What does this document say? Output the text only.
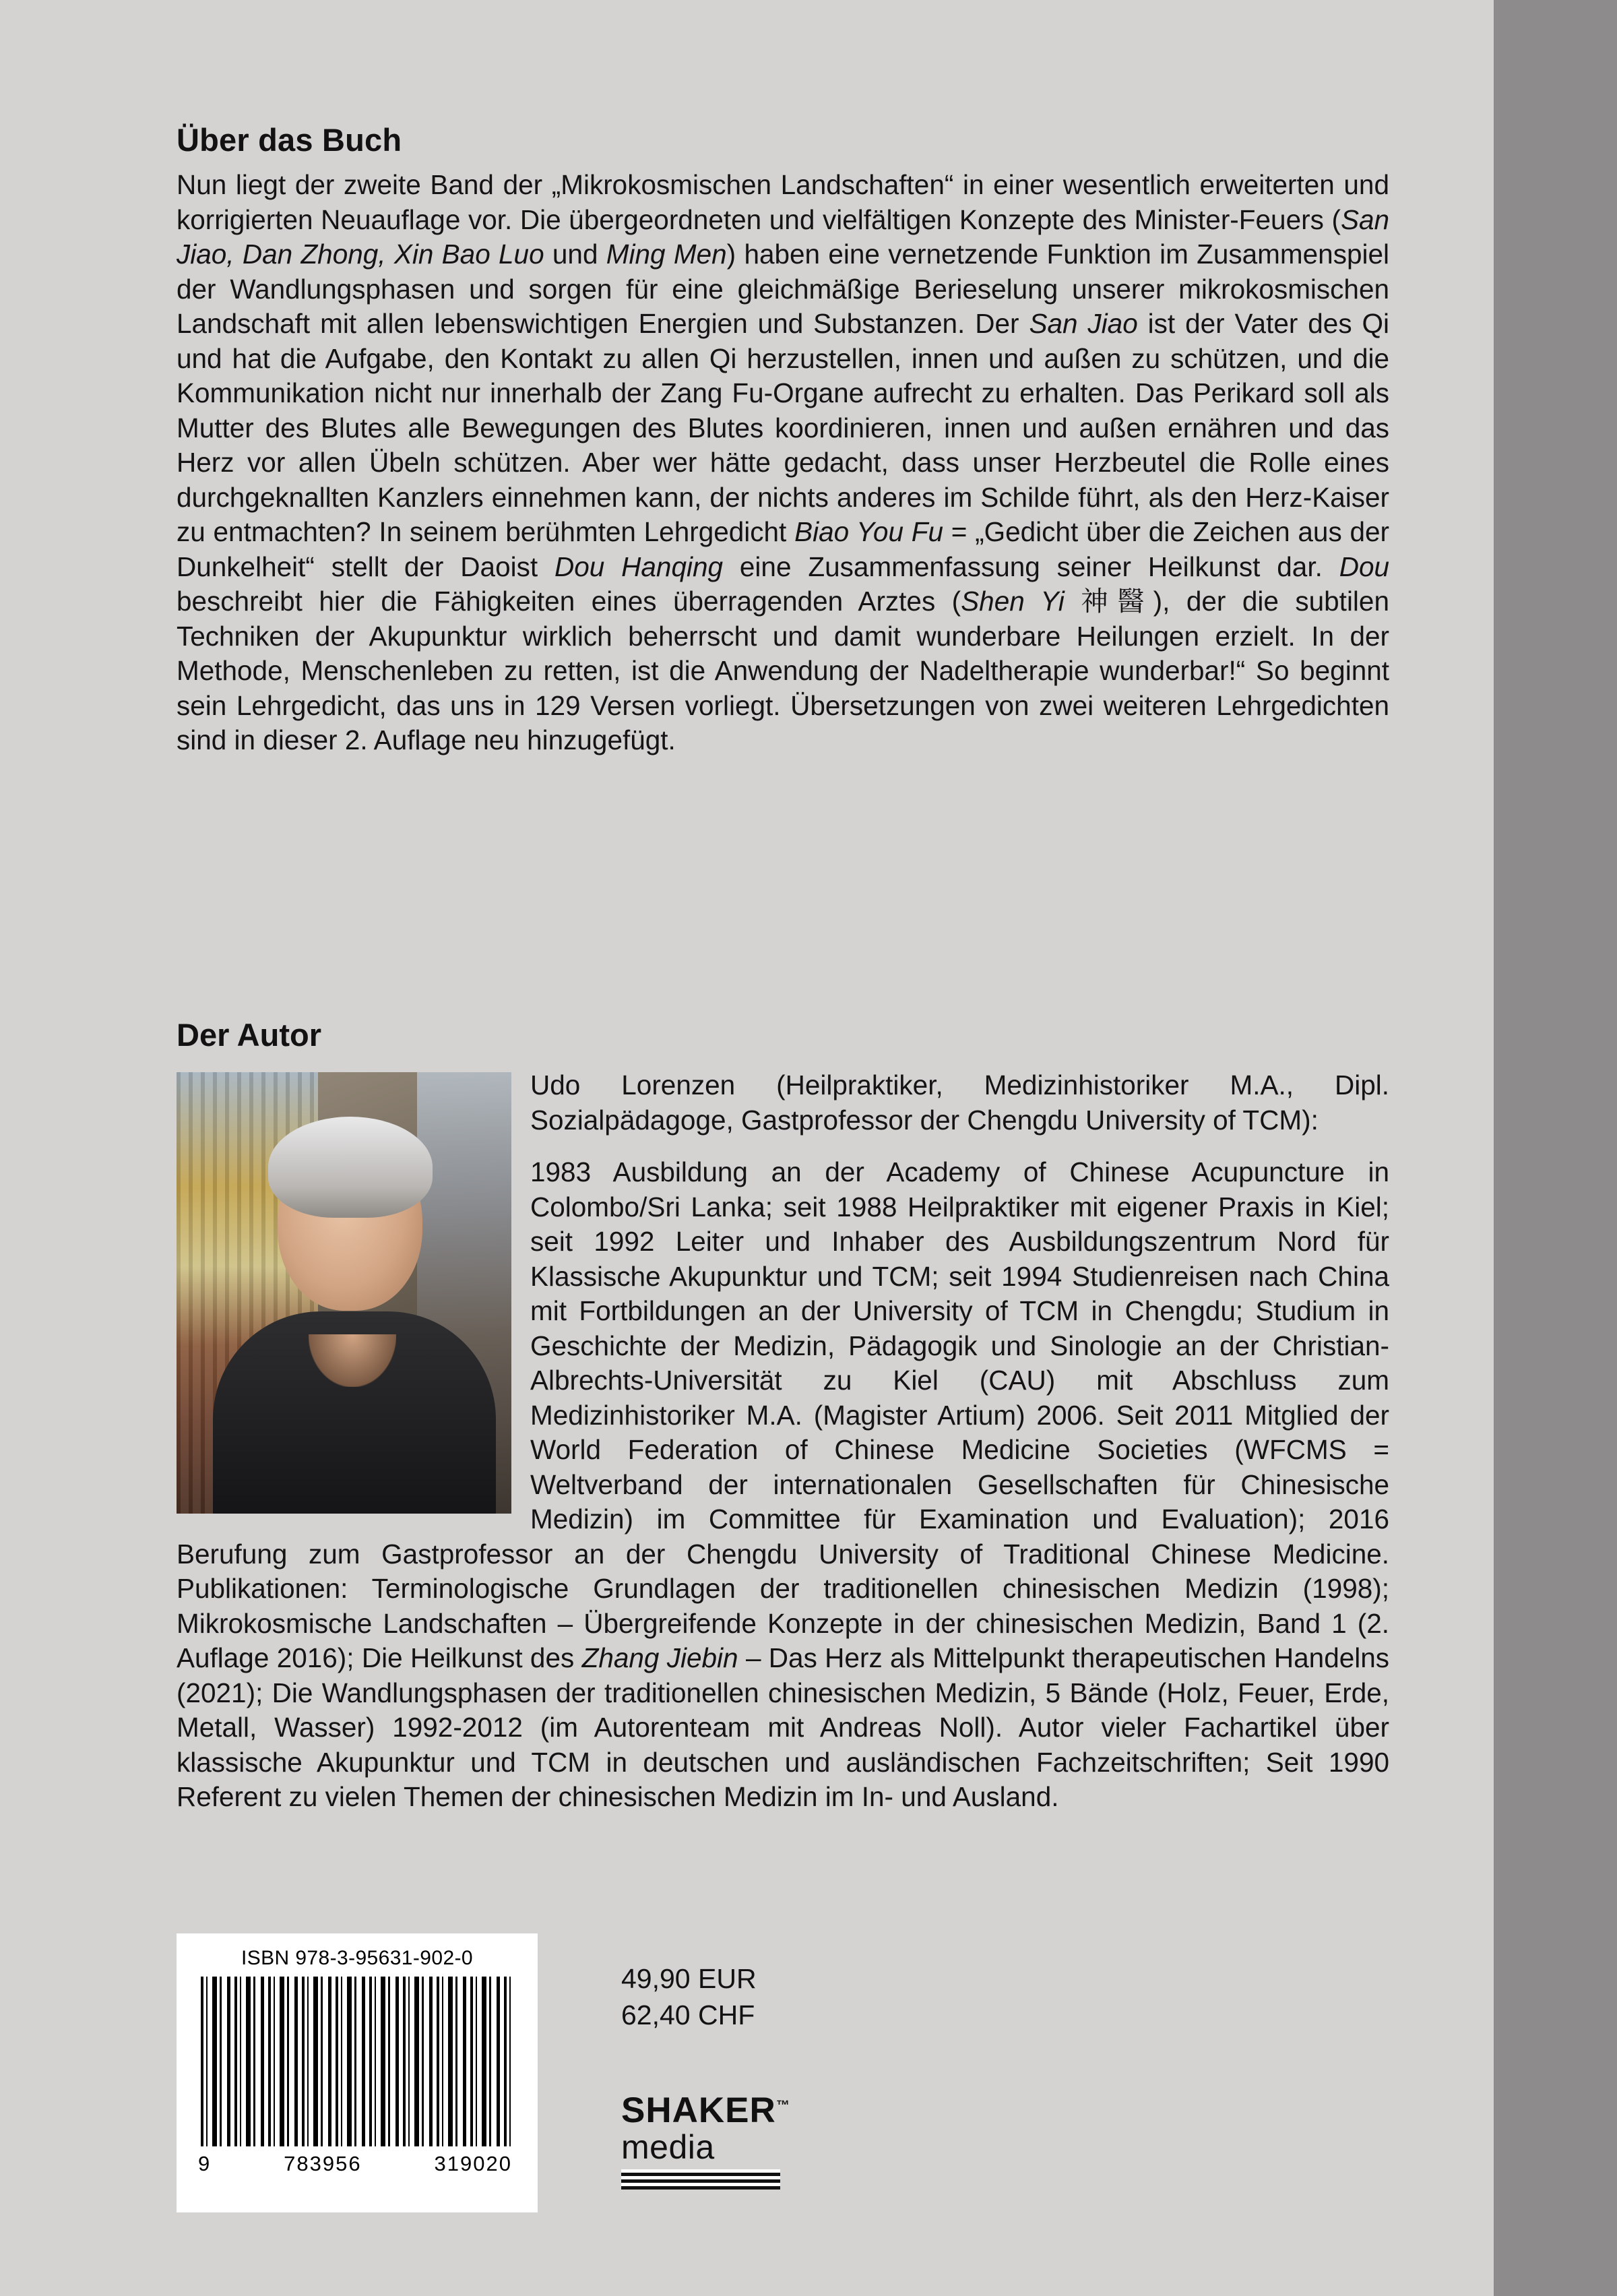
Über das Buch

Nun liegt der zweite Band der „Mikrokosmischen Landschaften“ in einer wesentlich erweiterten und korrigierten Neuauflage vor. Die übergeordneten und vielfältigen Konzepte des Minister-Feuers (San Jiao, Dan Zhong, Xin Bao Luo und Ming Men) haben eine vernetzende Funktion im Zusammenspiel der Wandlungsphasen und sorgen für eine gleichmäßige Berieselung unserer mikrokosmischen Landschaft mit allen lebenswichtigen Energien und Substanzen. Der San Jiao ist der Vater des Qi und hat die Aufgabe, den Kontakt zu allen Qi herzustellen, innen und außen zu schützen, und die Kommunikation nicht nur innerhalb der Zang Fu-Organe aufrecht zu erhalten. Das Perikard soll als Mutter des Blutes alle Bewegungen des Blutes koordinieren, innen und außen ernähren und das Herz vor allen Übeln schützen. Aber wer hätte gedacht, dass unser Herzbeutel die Rolle eines durchgeknallten Kanzlers einnehmen kann, der nichts anderes im Schilde führt, als den Herz-Kaiser zu entmachten? In seinem berühmten Lehrgedicht Biao You Fu = „Gedicht über die Zeichen aus der Dunkelheit“ stellt der Daoist Dou Hanqing eine Zusammenfassung seiner Heilkunst dar. Dou beschreibt hier die Fähigkeiten eines überragenden Arztes (Shen Yi 神醫), der die subtilen Techniken der Akupunktur wirklich beherrscht und damit wunderbare Heilungen erzielt. In der Methode, Menschenleben zu retten, ist die Anwendung der Nadeltherapie wunderbar!“ So beginnt sein Lehrgedicht, das uns in 129 Versen vorliegt. Übersetzungen von zwei weiteren Lehrgedichten sind in dieser 2. Auflage neu hinzugefügt.

Der Autor

Udo Lorenzen (Heilpraktiker, Medizinhistoriker M.A., Dipl. Sozialpädagoge, Gastprofessor der Chengdu University of TCM):

1983 Ausbildung an der Academy of Chinese Acupuncture in Colombo/Sri Lanka; seit 1988 Heilpraktiker mit eigener Praxis in Kiel; seit 1992 Leiter und Inhaber des Ausbildungszentrum Nord für Klassische Akupunktur und TCM; seit 1994 Studienreisen nach China mit Fortbildungen an der University of TCM in Chengdu; Studium in Geschichte der Medizin, Pädagogik und Sinologie an der Christian-Albrechts-Universität zu Kiel (CAU) mit Abschluss zum Medizinhistoriker M.A. (Magister Artium) 2006. Seit 2011 Mitglied der World Federation of Chinese Medicine Societies (WFCMS = Weltverband der internationalen Gesellschaften für Chinesische Medizin) im Committee für Examination und Evaluation); 2016 Berufung zum Gastprofessor an der Chengdu University of Traditional Chinese Medicine. Publikationen: Terminologische Grundlagen der traditionellen chinesischen Medizin (1998); Mikrokosmische Landschaften – Übergreifende Konzepte in der chinesischen Medizin, Band 1 (2. Auflage 2016); Die Heilkunst des Zhang Jiebin – Das Herz als Mittelpunkt therapeutischen Handelns (2021); Die Wandlungsphasen der traditionellen chinesischen Medizin, 5 Bände (Holz, Feuer, Erde, Metall, Wasser) 1992-2012 (im Autorenteam mit Andreas Noll). Autor vieler Fachartikel über klassische Akupunktur und TCM in deutschen und ausländischen Fachzeitschriften; Seit 1990 Referent zu vielen Themen der chinesischen Medizin im In- und Ausland.

ISBN 978-3-95631-902-0
9	783956	319020
49,90 EUR
62,40 CHF
SHAKER™
media
